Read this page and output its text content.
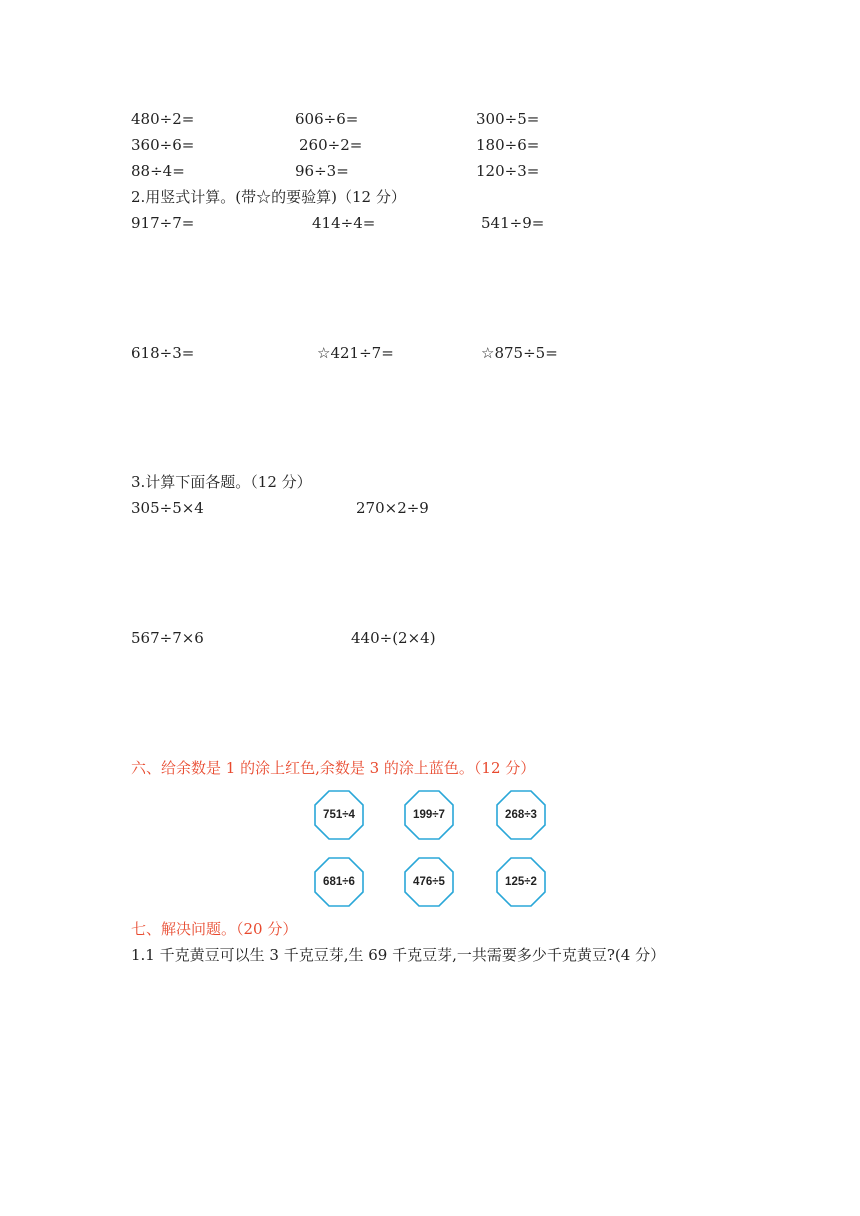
480÷2=	606÷6=	300÷5=
360÷6=	260÷2=	180÷6=
88÷4=	96÷3=	120÷3=
2.用竖式计算。(带☆的要验算)（12 分）
917÷7=	414÷4=	541÷9=
618÷3=	☆421÷7=	☆875÷5=
3.计算下面各题。（12 分）
305÷5×4	270×2÷9
567÷7×6	440÷(2×4)
六、给余数是 1 的涂上红色,余数是 3 的涂上蓝色。（12 分）
751÷4	199÷7	268÷3
681÷6	476÷5	125÷2
七、解决问题。（20 分）
1.1 千克黄豆可以生 3 千克豆芽,生 69 千克豆芽,一共需要多少千克黄豆?(4 分）
